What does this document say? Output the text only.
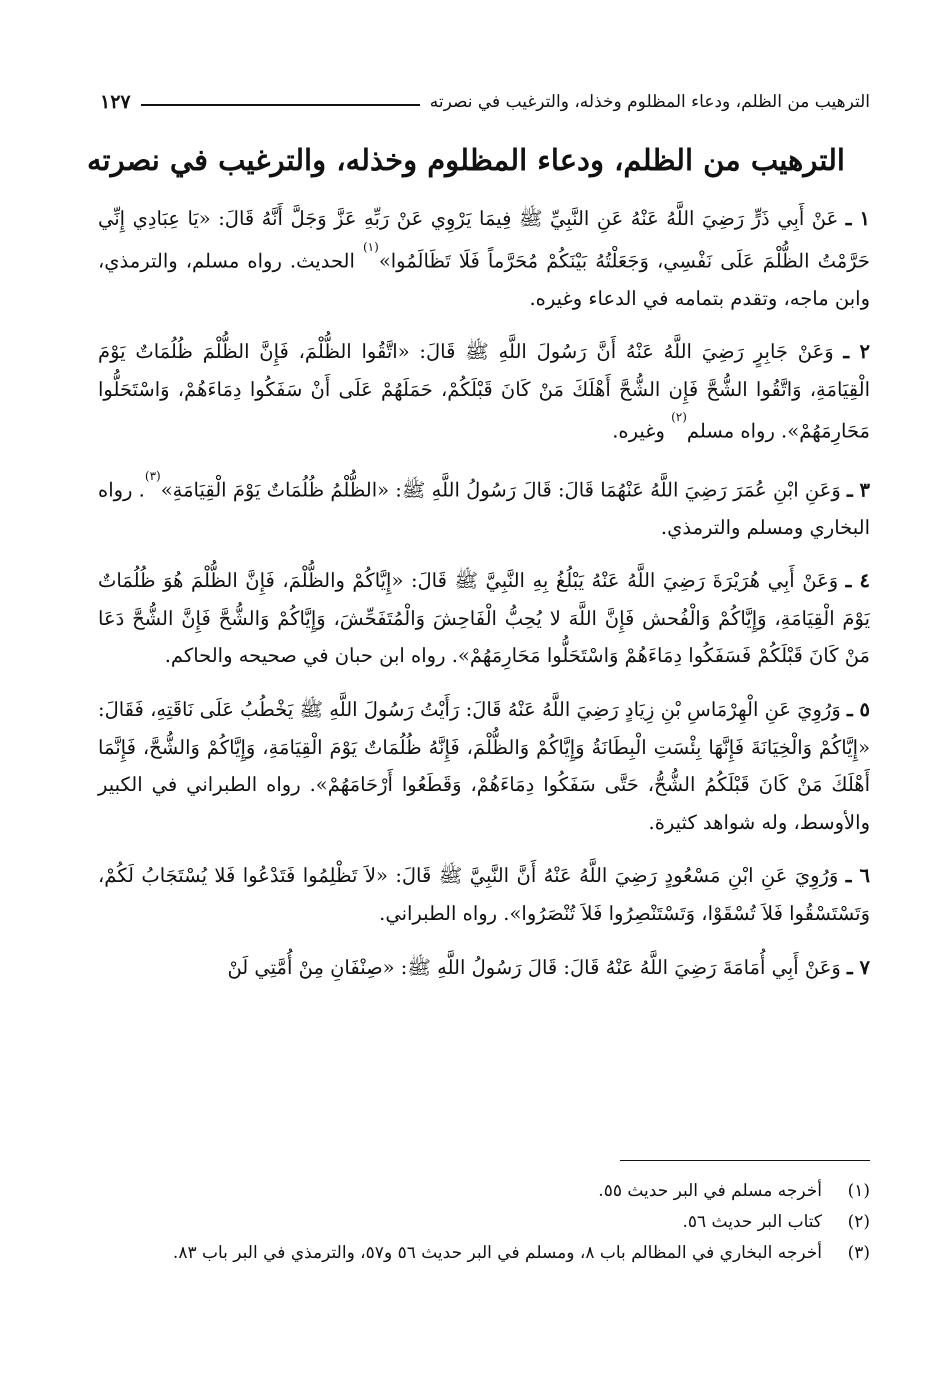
الترهيب من الظلم، ودعاء المظلوم وخذله، والترغيب في نصرته
١٢٧
الترهيب من الظلم، ودعاء المظلوم وخذله، والترغيب في نصرته

١ ـ عَنْ أَبِي ذَرٍّ رَضِيَ اللَّهُ عَنْهُ عَنِ النَّبِيِّ ﷺ فِيمَا يَرْوِي عَنْ رَبِّهِ عَزَّ وَجَلَّ أَنَّهُ قَالَ: «يَا عِبَادِي إِنِّي حَرَّمْتُ الظُّلْمَ عَلَى نَفْسِي، وَجَعَلْتُهُ بَيْنَكُمْ مُحَرَّماً فَلَا تَظَالَمُوا»$^{(١)}$ الحديث. رواه مسلم، والترمذي، وابن ماجه، وتقدم بتمامه في الدعاء وغيره.

٢ ـ وَعَنْ جَابِرٍ رَضِيَ اللَّهُ عَنْهُ أَنَّ رَسُولَ اللَّهِ ﷺ قَالَ: «اتَّقُوا الظُّلْمَ، فَإِنَّ الظُّلْمَ ظُلُمَاتٌ يَوْمَ الْقِيَامَةِ، وَاتَّقُوا الشُّحَّ فَإِن الشُّحَّ أَهْلَكَ مَنْ كَانَ قَبْلَكُمْ، حَمَلَهُمْ عَلَى أَنْ سَفَكُوا دِمَاءَهُمْ، وَاسْتَحَلُّوا مَحَارِمَهُمْ». رواه مسلم$^{(٢)}$ وغيره.

٣ ـ وَعَنِ ابْنِ عُمَرَ رَضِيَ اللَّهُ عَنْهُمَا قَالَ: قَالَ رَسُولُ اللَّهِ ﷺ: «الظُّلْمُ ظُلُمَاتٌ يَوْمَ الْقِيَامَةِ»$^{(٣)}$. رواه البخاري ومسلم والترمذي.

٤ ـ وَعَنْ أَبِي هُرَيْرَةَ رَضِيَ اللَّهُ عَنْهُ يَبْلُغُ بِهِ النَّبِيَّ ﷺ قَالَ: «إِيَّاكُمْ والظُّلْمَ، فَإِنَّ الظُّلْمَ هُوَ ظُلُمَاتٌ يَوْمَ الْقِيَامَةِ، وَإِيَّاكُمْ وَالْفُحش فَإِنَّ اللَّهَ لا يُحِبُّ الْفَاحِشَ وَالْمُتَفَحِّشَ، وَإِيَّاكُمْ وَالشُّحَّ فَإِنَّ الشُّحَّ دَعَا مَنْ كَانَ قَبْلَكُمْ فَسَفَكُوا دِمَاءَهُمْ وَاسْتَحَلُّوا مَحَارِمَهُمْ». رواه ابن حبان في صحيحه والحاكم.

٥ ـ وَرُوِيَ عَنِ الْهِرْمَاسِ بْنِ زِيَادٍ رَضِيَ اللَّهُ عَنْهُ قَالَ: رَأَيْتُ رَسُولَ اللَّهِ ﷺ يَخْطُبُ عَلَى نَاقَتِهِ، فَقَالَ: «إِيَّاكُمْ وَالْخِيَانَةَ فَإِنَّهَا بِئْسَتِ الْبِطَانَةُ وَإِيَّاكُمْ وَالظُّلْمَ، فَإِنَّهُ ظُلُمَاتٌ يَوْمَ الْقِيَامَةِ، وَإِيَّاكُمْ وَالشُّحَّ، فَإِنَّمَا أَهْلَكَ مَنْ كَانَ قَبْلَكُمُ الشُّحُّ، حَتَّى سَفَكُوا دِمَاءَهُمْ، وَقَطَعُوا أَرْحَامَهُمْ». رواه الطبراني في الكبير والأوسط، وله شواهد كثيرة.

٦ ـ وَرُوِيَ عَنِ ابْنِ مَسْعُودٍ رَضِيَ اللَّهُ عَنْهُ أَنَّ النَّبِيَّ ﷺ قَالَ: «لاَ تَظْلِمُوا فَتَدْعُوا فَلا يُسْتَجَابُ لَكُمْ، وَتَسْتَسْقُوا فَلاَ تُسْقَوْا، وَتَسْتَنْصِرُوا فَلاَ تُنْصَرُوا». رواه الطبراني.

٧ ـ وَعَنْ أَبِي أُمَامَةَ رَضِيَ اللَّهُ عَنْهُ قَالَ: قَالَ رَسُولُ اللَّهِ ﷺ: «صِنْفَانِ مِنْ أُمَّتِي لَنْ

(١)
أخرجه مسلم في البر حديث ٥٥.
(٢)
كتاب البر حديث ٥٦.
(٣)
أخرجه البخاري في المظالم باب ٨، ومسلم في البر حديث ٥٦ و٥٧، والترمذي في البر باب ٨٣.
